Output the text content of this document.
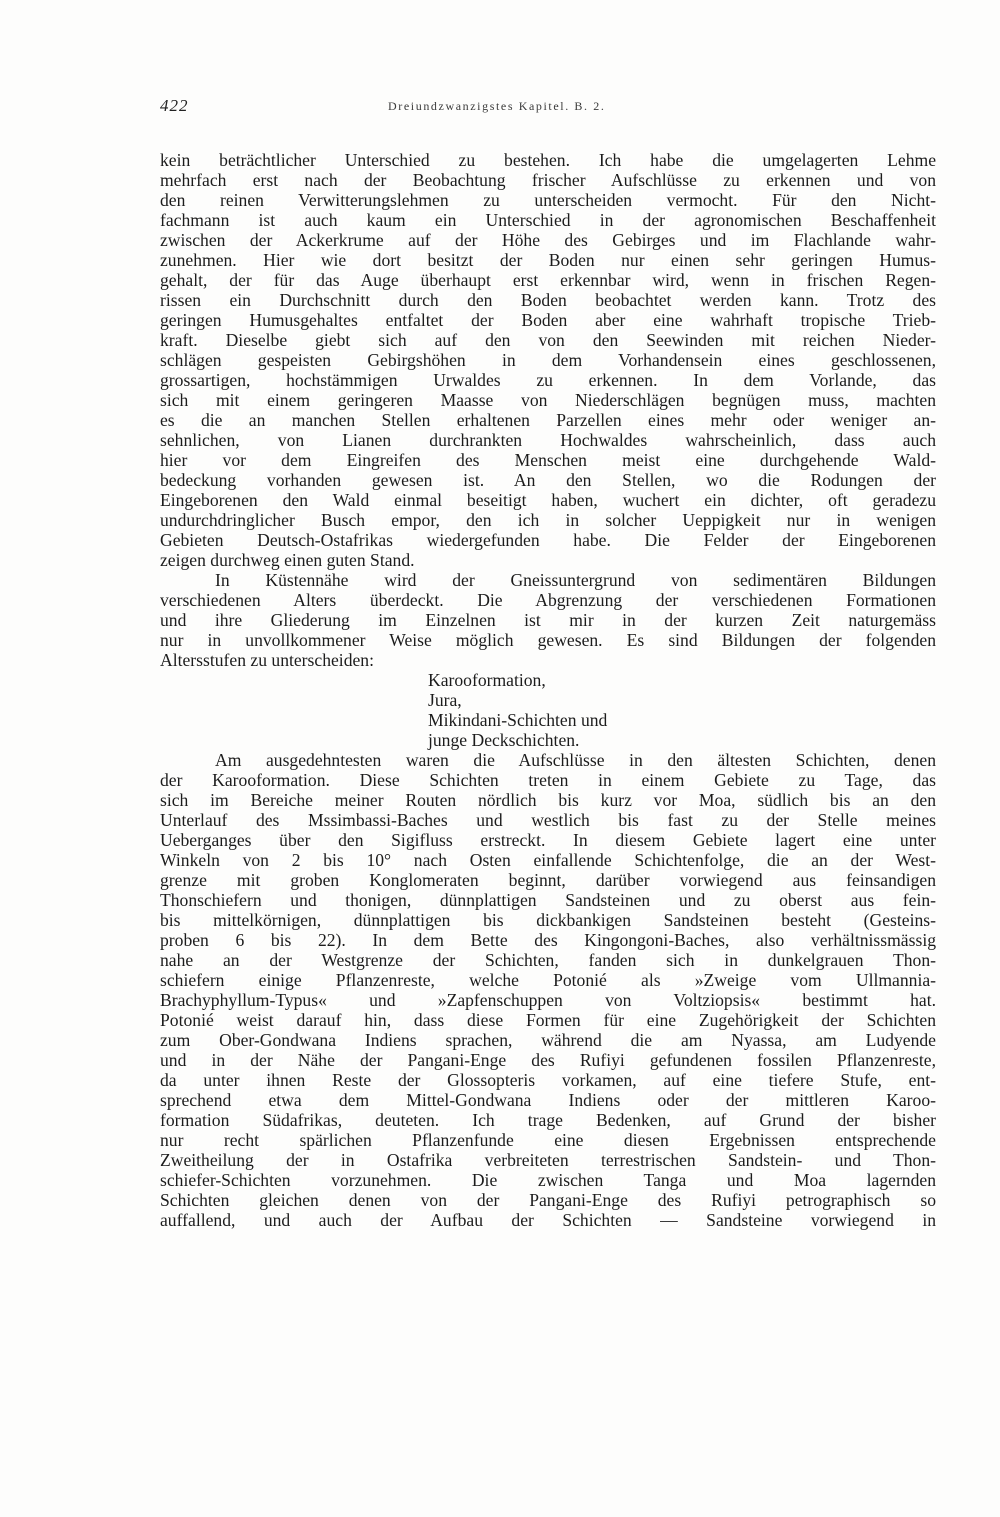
422	Dreiundzwanzigstes Kapitel. B. 2.
kein beträchtlicher Unterschied zu bestehen. Ich habe die umgelagerten Lehme
mehrfach erst nach der Beobachtung frischer Aufschlüsse zu erkennen und von
den reinen Verwitterungslehmen zu unterscheiden vermocht. Für den Nicht-
fachmann ist auch kaum ein Unterschied in der agronomischen Beschaffenheit
zwischen der Ackerkrume auf der Höhe des Gebirges und im Flachlande wahr-
zunehmen. Hier wie dort besitzt der Boden nur einen sehr geringen Humus-
gehalt, der für das Auge überhaupt erst erkennbar wird, wenn in frischen Regen-
rissen ein Durchschnitt durch den Boden beobachtet werden kann. Trotz des
geringen Humusgehaltes entfaltet der Boden aber eine wahrhaft tropische Trieb-
kraft. Dieselbe giebt sich auf den von den Seewinden mit reichen Nieder-
schlägen gespeisten Gebirgshöhen in dem Vorhandensein eines geschlossenen,
grossartigen, hochstämmigen Urwaldes zu erkennen. In dem Vorlande, das
sich mit einem geringeren Maasse von Niederschlägen begnügen muss, machten
es die an manchen Stellen erhaltenen Parzellen eines mehr oder weniger an-
sehnlichen, von Lianen durchrankten Hochwaldes wahrscheinlich, dass auch
hier vor dem Eingreifen des Menschen meist eine durchgehende Wald-
bedeckung vorhanden gewesen ist. An den Stellen, wo die Rodungen der
Eingeborenen den Wald einmal beseitigt haben, wuchert ein dichter, oft geradezu
undurchdringlicher Busch empor, den ich in solcher Ueppigkeit nur in wenigen
Gebieten Deutsch-Ostafrikas wiedergefunden habe. Die Felder der Eingeborenen
zeigen durchweg einen guten Stand.
In Küstennähe wird der Gneissuntergrund von sedimentären Bildungen
verschiedenen Alters überdeckt. Die Abgrenzung der verschiedenen Formationen
und ihre Gliederung im Einzelnen ist mir in der kurzen Zeit naturgemäss
nur in unvollkommener Weise möglich gewesen. Es sind Bildungen der folgenden
Altersstufen zu unterscheiden:
Karooformation,
Jura,
Mikindani-Schichten und
junge Deckschichten.
Am ausgedehntesten waren die Aufschlüsse in den ältesten Schichten, denen
der Karooformation. Diese Schichten treten in einem Gebiete zu Tage, das
sich im Bereiche meiner Routen nördlich bis kurz vor Moa, südlich bis an den
Unterlauf des Mssimbassi-Baches und westlich bis fast zu der Stelle meines
Ueberganges über den Sigifluss erstreckt. In diesem Gebiete lagert eine unter
Winkeln von 2 bis 10° nach Osten einfallende Schichtenfolge, die an der West-
grenze mit groben Konglomeraten beginnt, darüber vorwiegend aus feinsandigen
Thonschiefern und thonigen, dünnplattigen Sandsteinen und zu oberst aus fein-
bis mittelkörnigen, dünnplattigen bis dickbankigen Sandsteinen besteht (Gesteins-
proben 6 bis 22). In dem Bette des Kingongoni-Baches, also verhältnissmässig
nahe an der Westgrenze der Schichten, fanden sich in dunkelgrauen Thon-
schiefern einige Pflanzenreste, welche Potonié als »Zweige vom Ullmannia-
Brachyphyllum-Typus« und »Zapfenschuppen von Voltziopsis« bestimmt hat.
Potonié weist darauf hin, dass diese Formen für eine Zugehörigkeit der Schichten
zum Ober-Gondwana Indiens sprachen, während die am Nyassa, am Ludyende
und in der Nähe der Pangani-Enge des Rufiyi gefundenen fossilen Pflanzenreste,
da unter ihnen Reste der Glossopteris vorkamen, auf eine tiefere Stufe, ent-
sprechend etwa dem Mittel-Gondwana Indiens oder der mittleren Karoo-
formation Südafrikas, deuteten. Ich trage Bedenken, auf Grund der bisher
nur recht spärlichen Pflanzenfunde eine diesen Ergebnissen entsprechende
Zweitheilung der in Ostafrika verbreiteten terrestrischen Sandstein- und Thon-
schiefer-Schichten vorzunehmen. Die zwischen Tanga und Moa lagernden
Schichten gleichen denen von der Pangani-Enge des Rufiyi petrographisch so
auffallend, und auch der Aufbau der Schichten — Sandsteine vorwiegend in
